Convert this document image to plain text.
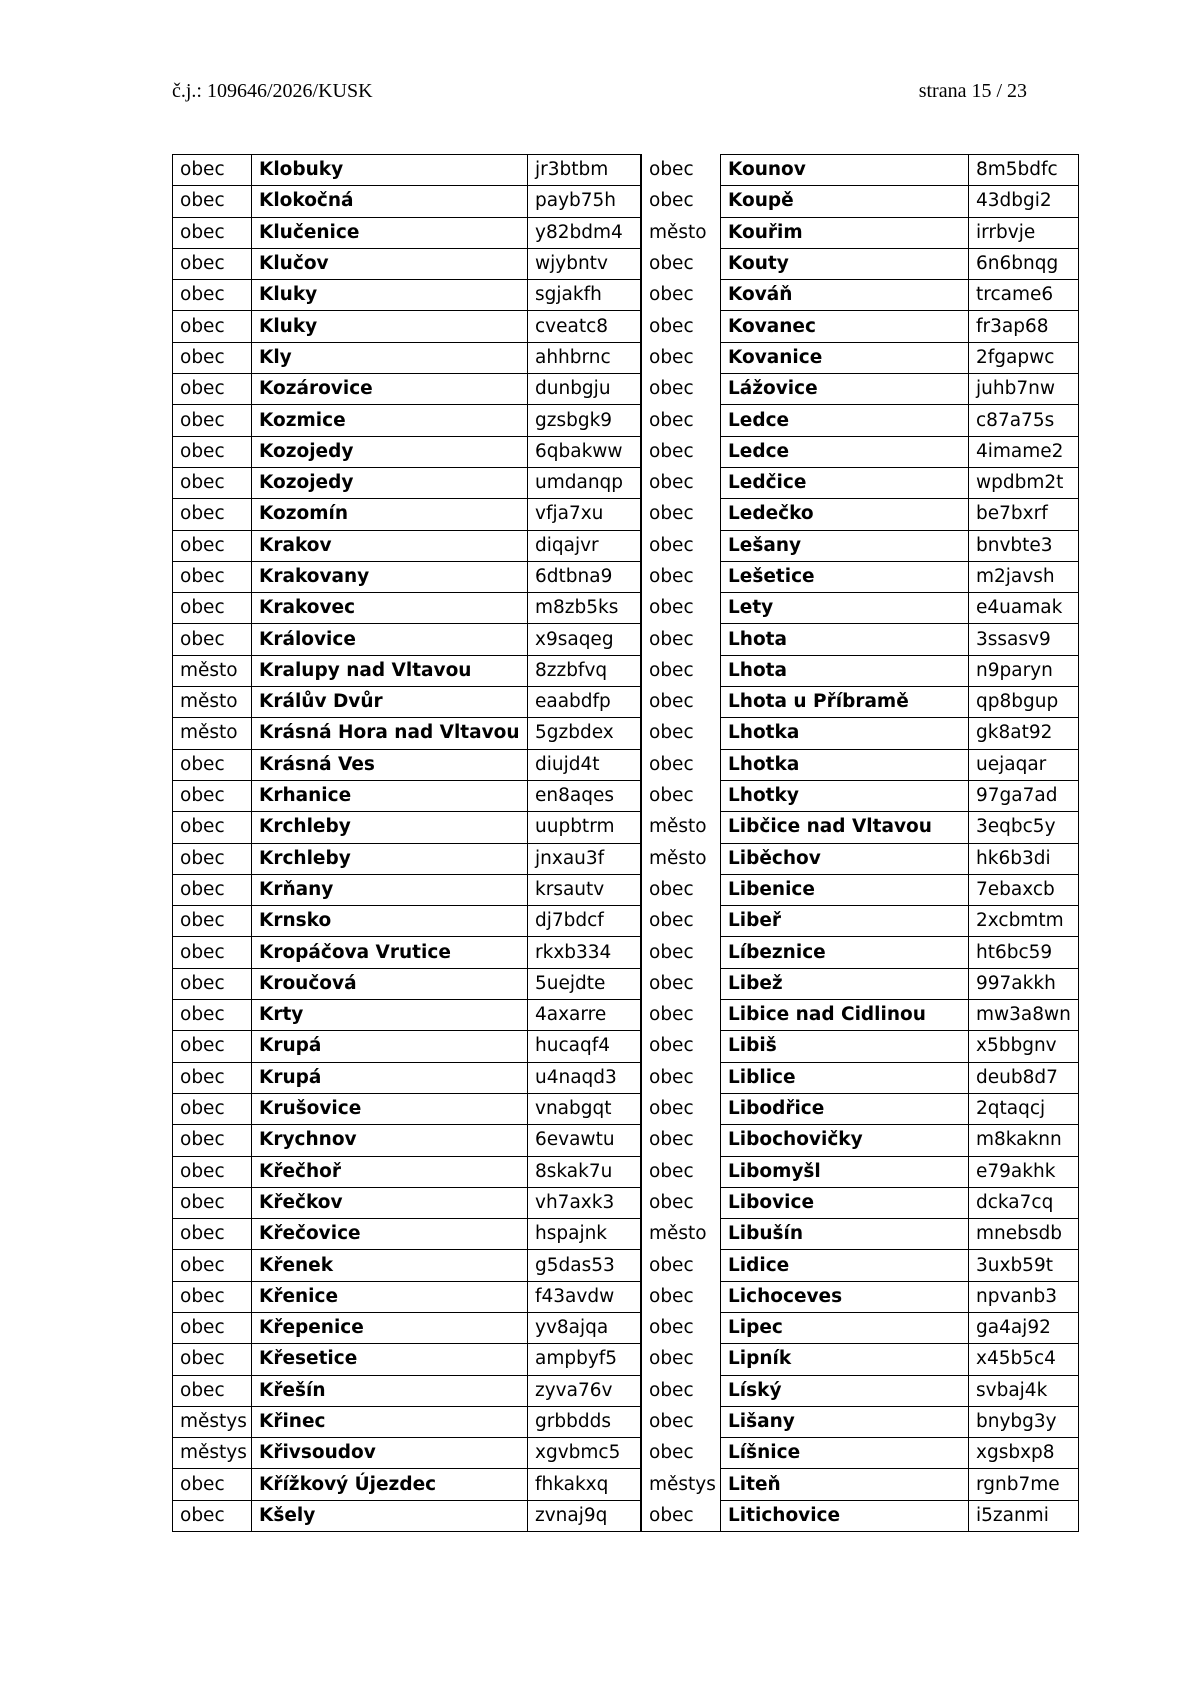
č.j.: 109646/2026/KUSK	strana 15 / 23
obec	Klobuky	jr3btbm	obec	Kounov	8m5bdfc
obec	Klokočná	payb75h	obec	Koupě	43dbgi2
obec	Klučenice	y82bdm4	město	Kouřim	irrbvje
obec	Klučov	wjybntv	obec	Kouty	6n6bnqg
obec	Kluky	sgjakfh	obec	Kováň	trcame6
obec	Kluky	cveatc8	obec	Kovanec	fr3ap68
obec	Kly	ahhbrnc	obec	Kovanice	2fgapwc
obec	Kozárovice	dunbgju	obec	Lážovice	juhb7nw
obec	Kozmice	gzsbgk9	obec	Ledce	c87a75s
obec	Kozojedy	6qbakww	obec	Ledce	4imame2
obec	Kozojedy	umdanqp	obec	Ledčice	wpdbm2t
obec	Kozomín	vfja7xu	obec	Ledečko	be7bxrf
obec	Krakov	diqajvr	obec	Lešany	bnvbte3
obec	Krakovany	6dtbna9	obec	Lešetice	m2javsh
obec	Krakovec	m8zb5ks	obec	Lety	e4uamak
obec	Královice	x9saqeg	obec	Lhota	3ssasv9
město	Kralupy nad Vltavou	8zzbfvq	obec	Lhota	n9paryn
město	Králův Dvůr	eaabdfp	obec	Lhota u Příbramě	qp8bgup
město	Krásná Hora nad Vltavou	5gzbdex	obec	Lhotka	gk8at92
obec	Krásná Ves	diujd4t	obec	Lhotka	uejaqar
obec	Krhanice	en8aqes	obec	Lhotky	97ga7ad
obec	Krchleby	uupbtrm	město	Libčice nad Vltavou	3eqbc5y
obec	Krchleby	jnxau3f	město	Liběchov	hk6b3di
obec	Krňany	krsautv	obec	Libenice	7ebaxcb
obec	Krnsko	dj7bdcf	obec	Libeř	2xcbmtm
obec	Kropáčova Vrutice	rkxb334	obec	Líbeznice	ht6bc59
obec	Kroučová	5uejdte	obec	Libež	997akkh
obec	Krty	4axarre	obec	Libice nad Cidlinou	mw3a8wn
obec	Krupá	hucaqf4	obec	Libiš	x5bbgnv
obec	Krupá	u4naqd3	obec	Liblice	deub8d7
obec	Krušovice	vnabgqt	obec	Libodřice	2qtaqcj
obec	Krychnov	6evawtu	obec	Libochovičky	m8kaknn
obec	Křečhoř	8skak7u	obec	Libomyšl	e79akhk
obec	Křečkov	vh7axk3	obec	Libovice	dcka7cq
obec	Křečovice	hspajnk	město	Libušín	mnebsdb
obec	Křenek	g5das53	obec	Lidice	3uxb59t
obec	Křenice	f43avdw	obec	Lichoceves	npvanb3
obec	Křepenice	yv8ajqa	obec	Lipec	ga4aj92
obec	Křesetice	ampbyf5	obec	Lipník	x45b5c4
obec	Křešín	zyva76v	obec	Líský	svbaj4k
městys	Křinec	grbbdds	obec	Lišany	bnybg3y
městys	Křivsoudov	xgvbmc5	obec	Líšnice	xgsbxp8
obec	Křížkový Újezdec	fhkakxq	městys	Liteň	rgnb7me
obec	Kšely	zvnaj9q	obec	Litichovice	i5zanmi
